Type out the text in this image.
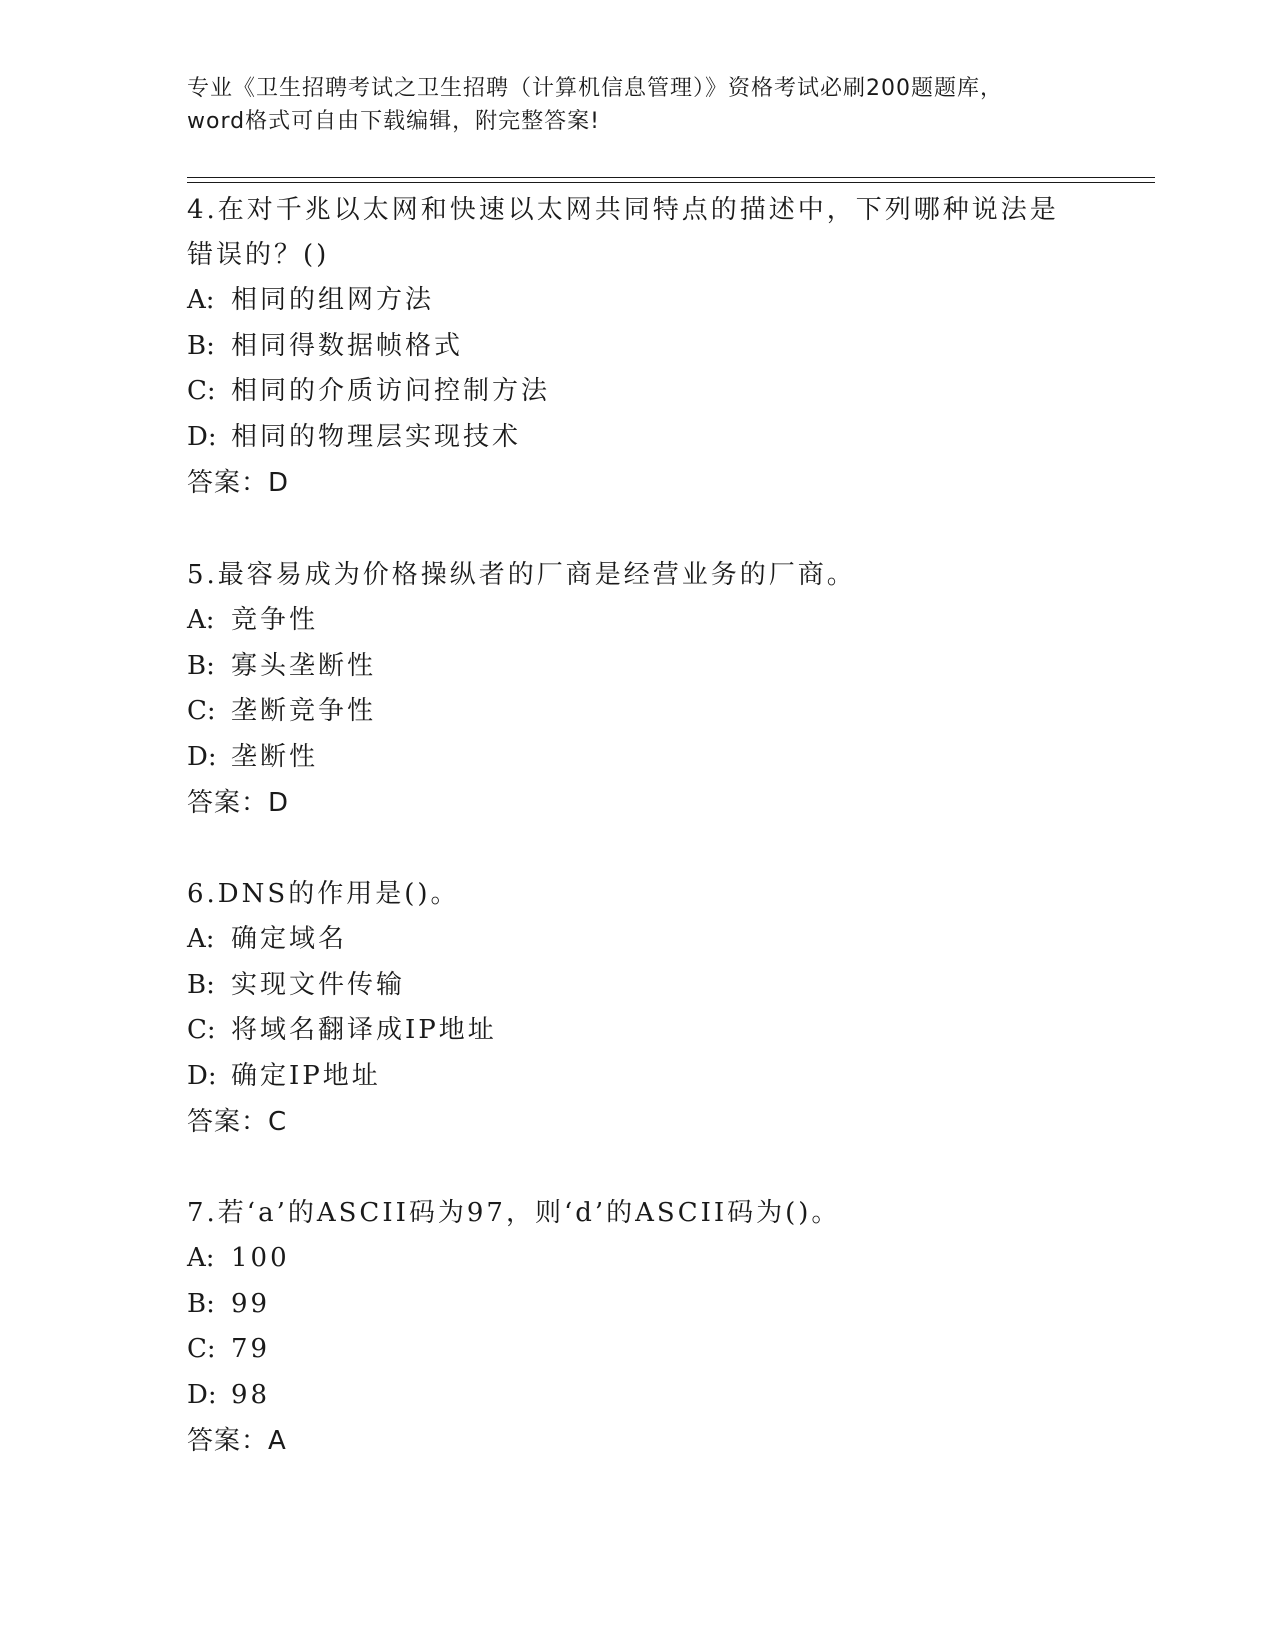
专业《卫生招聘考试之卫生招聘（计算机信息管理）》资格考试必刷200题题库，
word格式可自由下载编辑，附完整答案!
4.在对千兆以太网和快速以太网共同特点的描述中，下列哪种说法是
错误的？()
A: 相同的组网方法
B: 相同得数据帧格式
C: 相同的介质访问控制方法
D: 相同的物理层实现技术
答案：D
5.最容易成为价格操纵者的厂商是经营业务的厂商。
A: 竞争性
B: 寡头垄断性
C: 垄断竞争性
D: 垄断性
答案：D
6.DNS的作用是()。
A: 确定域名
B: 实现文件传输
C: 将域名翻译成IP地址
D: 确定IP地址
答案：C
7.若‘a’的ASCII码为97，则‘d’的ASCII码为()。
A: 100
B: 99
C: 79
D: 98
答案：A
